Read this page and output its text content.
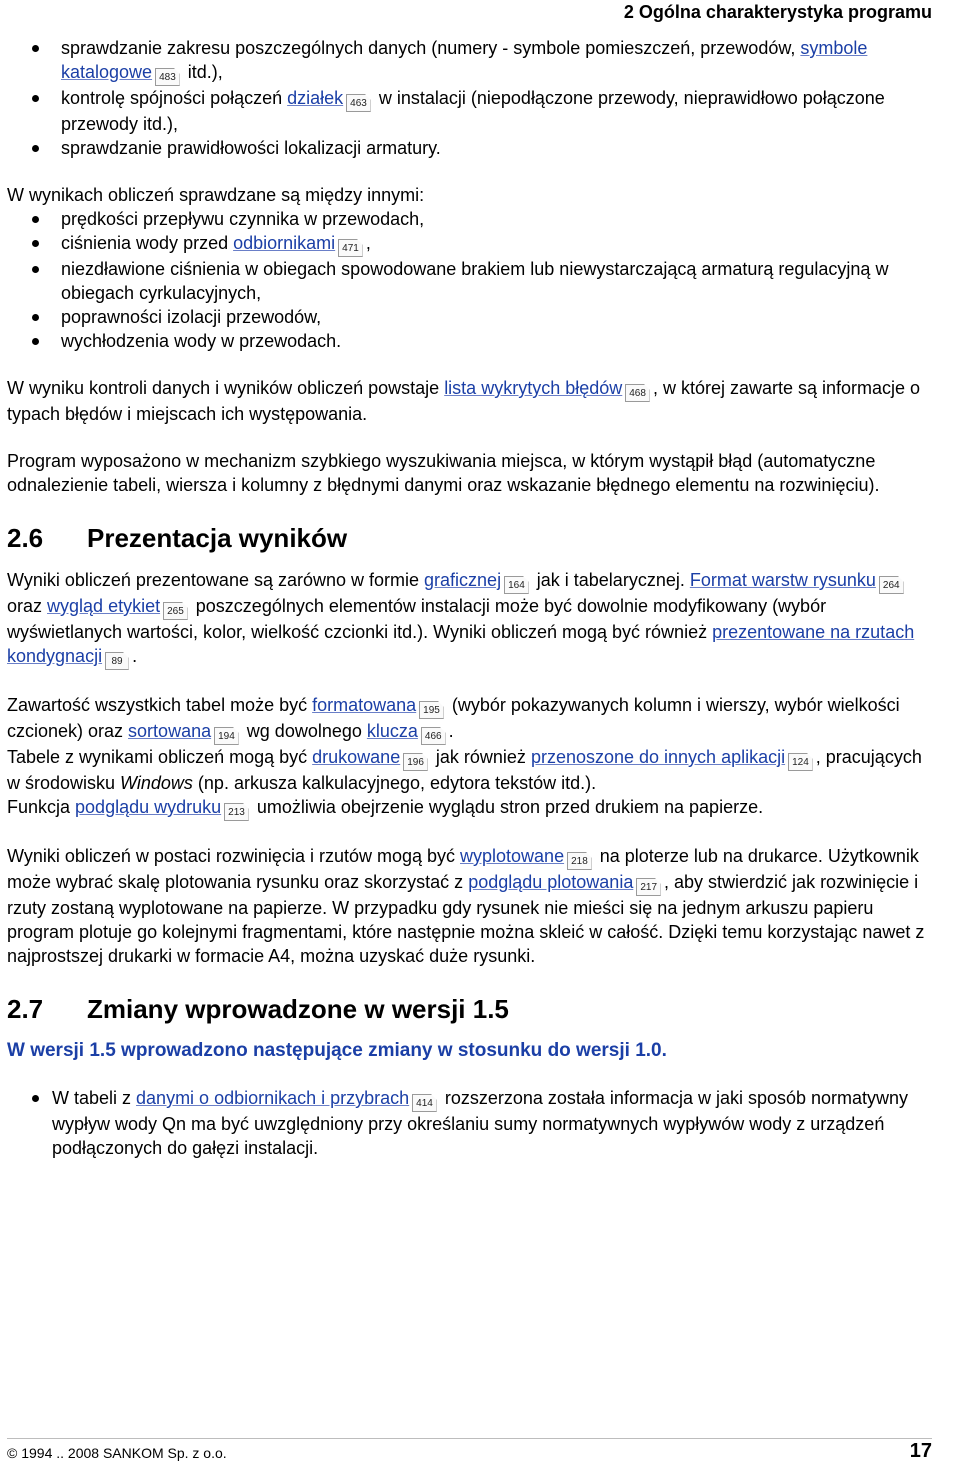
2 Ogólna charakterystyka programu
sprawdzanie zakresu poszczególnych danych (numery - symbole pomieszczeń, przewodów, symbole katalogowe 483 itd.),
kontrolę spójności połączeń działek 463 w instalacji (niepodłączone przewody, nieprawidłowo połączone przewody itd.),
sprawdzanie prawidłowości lokalizacji armatury.

W wynikach obliczeń sprawdzane są między innymi:

prędkości przepływu czynnika w przewodach,
ciśnienia wody przed odbiornikami 471 ,
niezdławione ciśnienia w obiegach spowodowane brakiem lub niewystarczającą armaturą regulacyjną w obiegach cyrkulacyjnych,
poprawności izolacji przewodów,
wychłodzenia wody w przewodach.

W wyniku kontroli danych i wyników obliczeń powstaje lista wykrytych błędów 468 , w której zawarte są informacje o typach błędów i miejscach ich występowania.

Program wyposażono w mechanizm szybkiego wyszukiwania miejsca, w którym wystąpił błąd (automatyczne odnalezienie tabeli, wiersza i kolumny z błędnymi danymi oraz wskazanie błędnego elementu na rozwinięciu).

2.6 Prezentacja wyników

Wyniki obliczeń prezentowane są zarówno w formie graficznej 164 jak i tabelarycznej. Format warstw rysunku 264 oraz wygląd etykiet 265 poszczególnych elementów instalacji może być dowolnie modyfikowany (wybór wyświetlanych wartości, kolor, wielkość czcionki itd.). Wyniki obliczeń mogą być również prezentowane na rzutach kondygnacji 89 .

Zawartość wszystkich tabel może być formatowana 195 (wybór pokazywanych kolumn i wierszy, wybór wielkości czcionek) oraz sortowana 194 wg dowolnego klucza 466 .
Tabele z wynikami obliczeń mogą być drukowane 196 jak również przenoszone do innych aplikacji 124 , pracujących w środowisku Windows (np. arkusza kalkulacyjnego, edytora tekstów itd.).
Funkcja podglądu wydruku 213 umożliwia obejrzenie wyglądu stron przed drukiem na papierze.

Wyniki obliczeń w postaci rozwinięcia i rzutów mogą być wyplotowane 218 na ploterze lub na drukarce. Użytkownik może wybrać skalę plotowania rysunku oraz skorzystać z podglądu plotowania 217 , aby stwierdzić jak rozwinięcie i rzuty zostaną wyplotowane na papierze. W przypadku gdy rysunek nie mieści się na jednym arkuszu papieru program plotuje go kolejnymi fragmentami, które następnie można skleić w całość. Dzięki temu korzystając nawet z najprostszej drukarki w formacie A4, można uzyskać duże rysunki.

2.7 Zmiany wprowadzone w wersji 1.5
W wersji 1.5 wprowadzono następujące zmiany w stosunku do wersji 1.0.
W tabeli z danymi o odbiornikach i przybrach 414 rozszerzona została informacja w jaki sposób normatywny wypływ wody Qn ma być uwzględniony przy określaniu sumy normatywnych wypływów wody z urządzeń podłączonych do gałęzi instalacji.
© 1994 .. 2008 SANKOM Sp. z o.o.	17
